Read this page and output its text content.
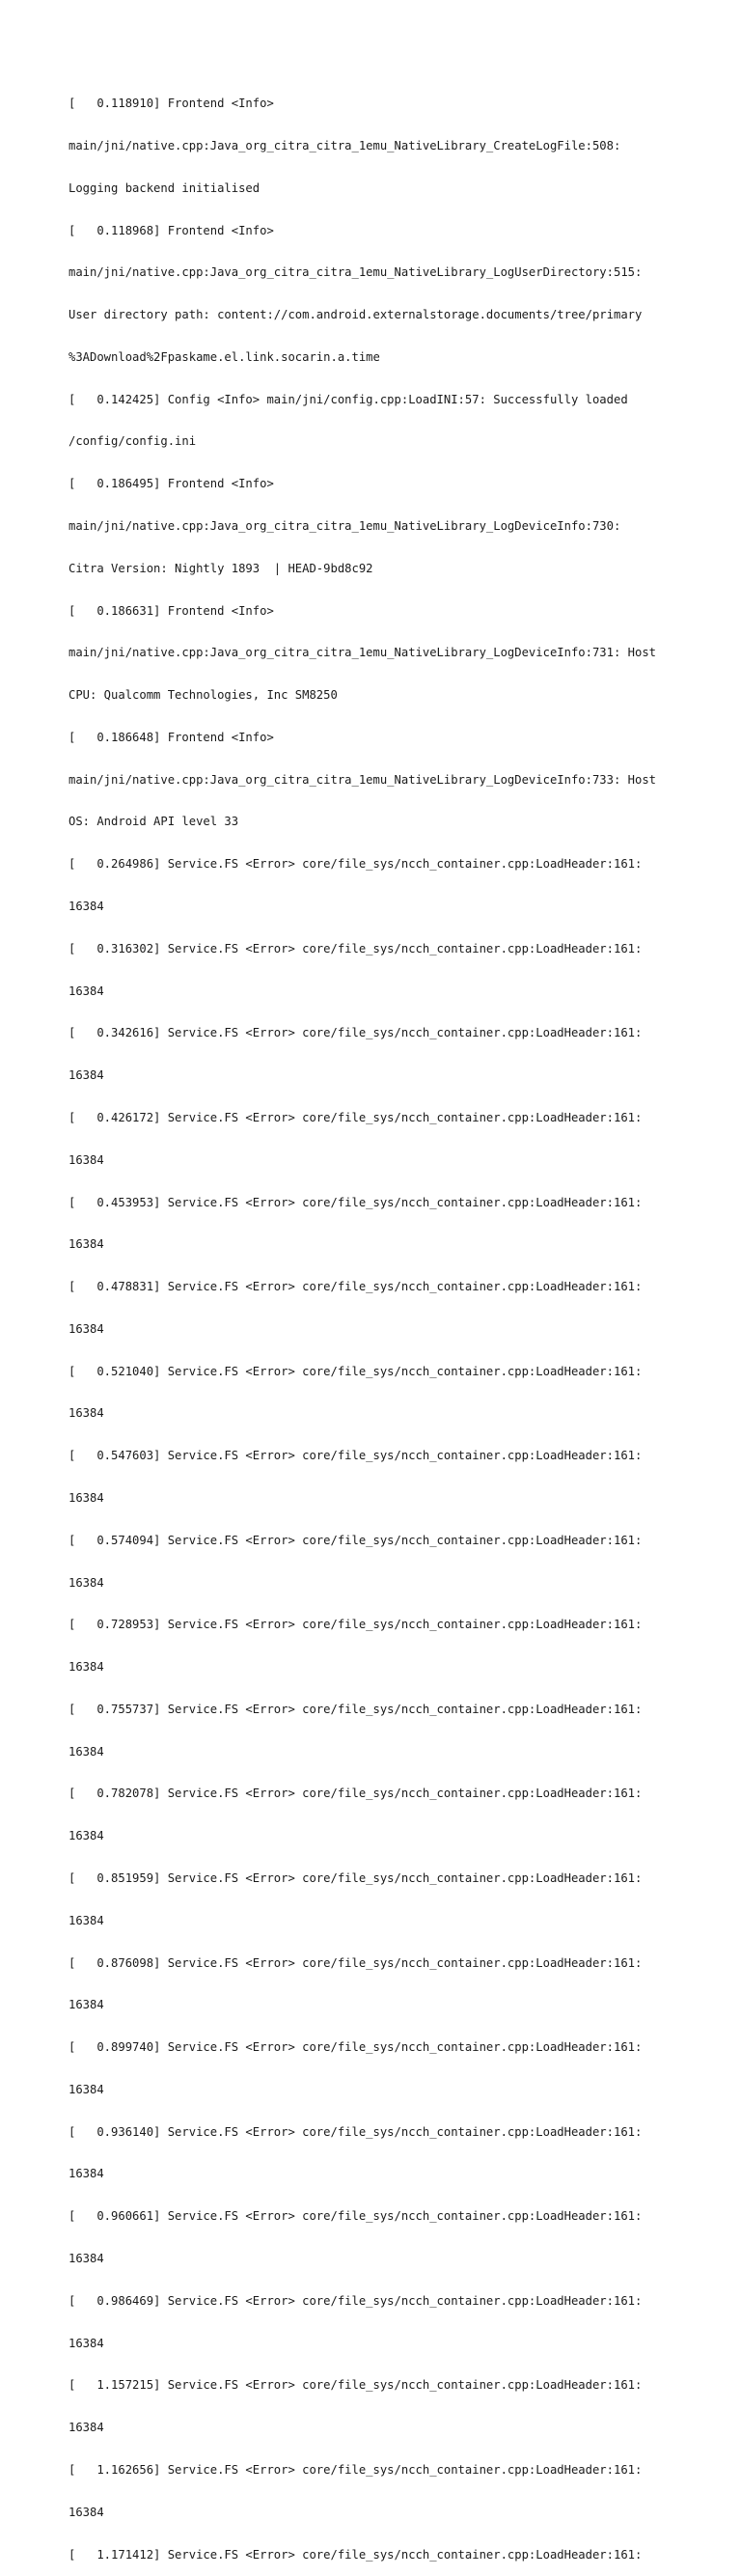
[   0.118910] Frontend <Info>

main/jni/native.cpp:Java_org_citra_citra_1emu_NativeLibrary_CreateLogFile:508:

Logging backend initialised

[   0.118968] Frontend <Info>

main/jni/native.cpp:Java_org_citra_citra_1emu_NativeLibrary_LogUserDirectory:515:

User directory path: content://com.android.externalstorage.documents/tree/primary

%3ADownload%2Fpaskame.el.link.socarin.a.time

[   0.142425] Config <Info> main/jni/config.cpp:LoadINI:57: Successfully loaded

/config/config.ini

[   0.186495] Frontend <Info>

main/jni/native.cpp:Java_org_citra_citra_1emu_NativeLibrary_LogDeviceInfo:730:

Citra Version: Nightly 1893  | HEAD-9bd8c92

[   0.186631] Frontend <Info>

main/jni/native.cpp:Java_org_citra_citra_1emu_NativeLibrary_LogDeviceInfo:731: Host

CPU: Qualcomm Technologies, Inc SM8250

[   0.186648] Frontend <Info>

main/jni/native.cpp:Java_org_citra_citra_1emu_NativeLibrary_LogDeviceInfo:733: Host

OS: Android API level 33

[   0.264986] Service.FS <Error> core/file_sys/ncch_container.cpp:LoadHeader:161:

16384

[   0.316302] Service.FS <Error> core/file_sys/ncch_container.cpp:LoadHeader:161:

16384

[   0.342616] Service.FS <Error> core/file_sys/ncch_container.cpp:LoadHeader:161:

16384

[   0.426172] Service.FS <Error> core/file_sys/ncch_container.cpp:LoadHeader:161:

16384

[   0.453953] Service.FS <Error> core/file_sys/ncch_container.cpp:LoadHeader:161:

16384

[   0.478831] Service.FS <Error> core/file_sys/ncch_container.cpp:LoadHeader:161:

16384

[   0.521040] Service.FS <Error> core/file_sys/ncch_container.cpp:LoadHeader:161:

16384

[   0.547603] Service.FS <Error> core/file_sys/ncch_container.cpp:LoadHeader:161:

16384

[   0.574094] Service.FS <Error> core/file_sys/ncch_container.cpp:LoadHeader:161:

16384

[   0.728953] Service.FS <Error> core/file_sys/ncch_container.cpp:LoadHeader:161:

16384

[   0.755737] Service.FS <Error> core/file_sys/ncch_container.cpp:LoadHeader:161:

16384

[   0.782078] Service.FS <Error> core/file_sys/ncch_container.cpp:LoadHeader:161:

16384

[   0.851959] Service.FS <Error> core/file_sys/ncch_container.cpp:LoadHeader:161:

16384

[   0.876098] Service.FS <Error> core/file_sys/ncch_container.cpp:LoadHeader:161:

16384

[   0.899740] Service.FS <Error> core/file_sys/ncch_container.cpp:LoadHeader:161:

16384

[   0.936140] Service.FS <Error> core/file_sys/ncch_container.cpp:LoadHeader:161:

16384

[   0.960661] Service.FS <Error> core/file_sys/ncch_container.cpp:LoadHeader:161:

16384

[   0.986469] Service.FS <Error> core/file_sys/ncch_container.cpp:LoadHeader:161:

16384

[   1.157215] Service.FS <Error> core/file_sys/ncch_container.cpp:LoadHeader:161:

16384

[   1.162656] Service.FS <Error> core/file_sys/ncch_container.cpp:LoadHeader:161:

16384

[   1.171412] Service.FS <Error> core/file_sys/ncch_container.cpp:LoadHeader:161:
